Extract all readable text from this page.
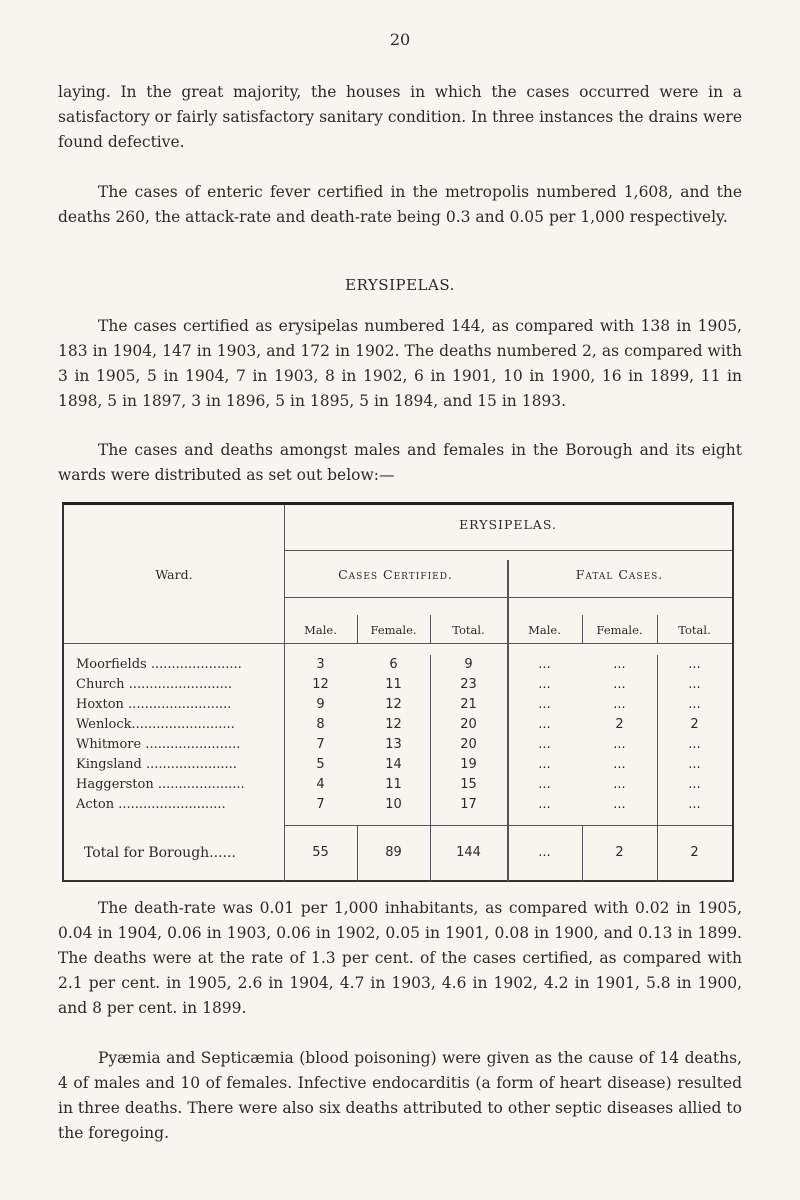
20
laying. In the great majority, the houses in which the cases occurred were in a satisfactory or fairly satisfactory sanitary condition. In three instances the drains were found defective.
The cases of enteric fever certified in the metropolis numbered 1,608, and the deaths 260, the attack-rate and death-rate being 0.3 and 0.05 per 1,000 respectively.
ERYSIPELAS.
The cases certified as erysipelas numbered 144, as compared with 138 in 1905, 183 in 1904, 147 in 1903, and 172 in 1902. The deaths numbered 2, as compared with 3 in 1905, 5 in 1904, 7 in 1903, 8 in 1902, 6 in 1901, 10 in 1900, 16 in 1899, 11 in 1898, 5 in 1897, 3 in 1896, 5 in 1895, 5 in 1894, and 15 in 1893.
The cases and deaths amongst males and females in the Borough and its eight wards were distributed as set out below:—
Ward.
ERYSIPELAS.
Cases Certified.	Fatal Cases.
Male.	Female.	Total.	Male.	Female.	Total.
Moorfields ......................	3	6	9	...	...	...
Church .........................	12	11	23	...	...	...
Hoxton .........................	9	12	21	...	...	...
Wenlock.........................	8	12	20	...	2	2
Whitmore .......................	7	13	20	...	...	...
Kingsland ......................	5	14	19	...	...	...
Haggerston .....................	4	11	15	...	...	...
Acton ..........................	7	10	17	...	...	...
Total for Borough......	55	89	144	...	2	2
The death-rate was 0.01 per 1,000 inhabitants, as compared with 0.02 in 1905, 0.04 in 1904, 0.06 in 1903, 0.06 in 1902, 0.05 in 1901, 0.08 in 1900, and 0.13 in 1899. The deaths were at the rate of 1.3 per cent. of the cases certified, as compared with 2.1 per cent. in 1905, 2.6 in 1904, 4.7 in 1903, 4.6 in 1902, 4.2 in 1901, 5.8 in 1900, and 8 per cent. in 1899.
Pyæmia and Septicæmia (blood poisoning) were given as the cause of 14 deaths, 4 of males and 10 of females. Infective endocarditis (a form of heart disease) resulted in three deaths. There were also six deaths attributed to other septic diseases allied to the foregoing.
